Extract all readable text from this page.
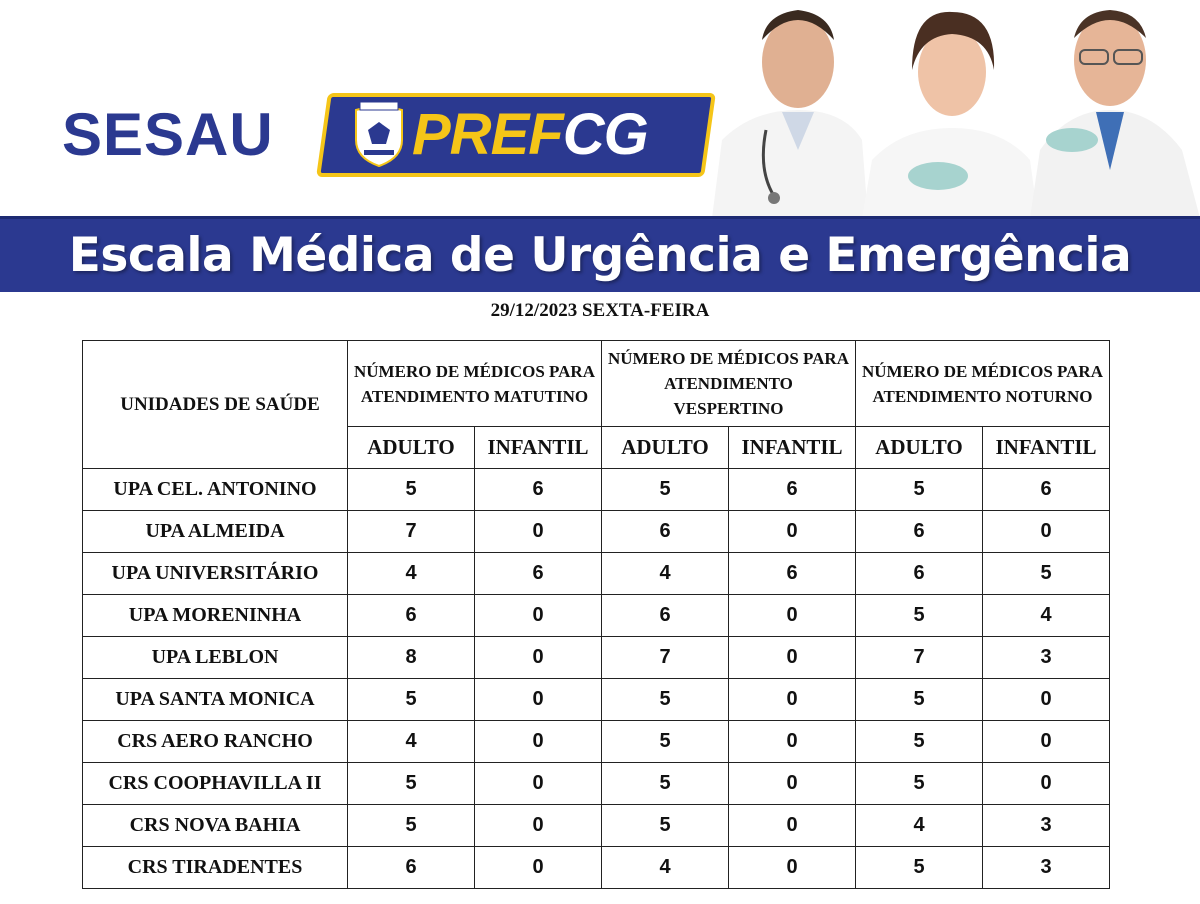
SESAU PREFCG
Escala Médica de Urgência e Emergência
29/12/2023 SEXTA-FEIRA
UNIDADES DE SAÚDE	NÚMERO DE MÉDICOS PARA ATENDIMENTO MATUTINO		NÚMERO DE MÉDICOS PARA ATENDIMENTO VESPERTINO		NÚMERO DE MÉDICOS PARA ATENDIMENTO NOTURNO	
	ADULTO	INFANTIL	ADULTO	INFANTIL	ADULTO	INFANTIL
UPA CEL. ANTONINO	5	6	5	6	5	6
UPA ALMEIDA	7	0	6	0	6	0
UPA UNIVERSITÁRIO	4	6	4	6	6	5
UPA MORENINHA	6	0	6	0	5	4
UPA LEBLON	8	0	7	0	7	3
UPA SANTA MONICA	5	0	5	0	5	0
CRS AERO RANCHO	4	0	5	0	5	0
CRS COOPHAVILLA II	5	0	5	0	5	0
CRS NOVA BAHIA	5	0	5	0	4	3
CRS TIRADENTES	6	0	4	0	5	3
